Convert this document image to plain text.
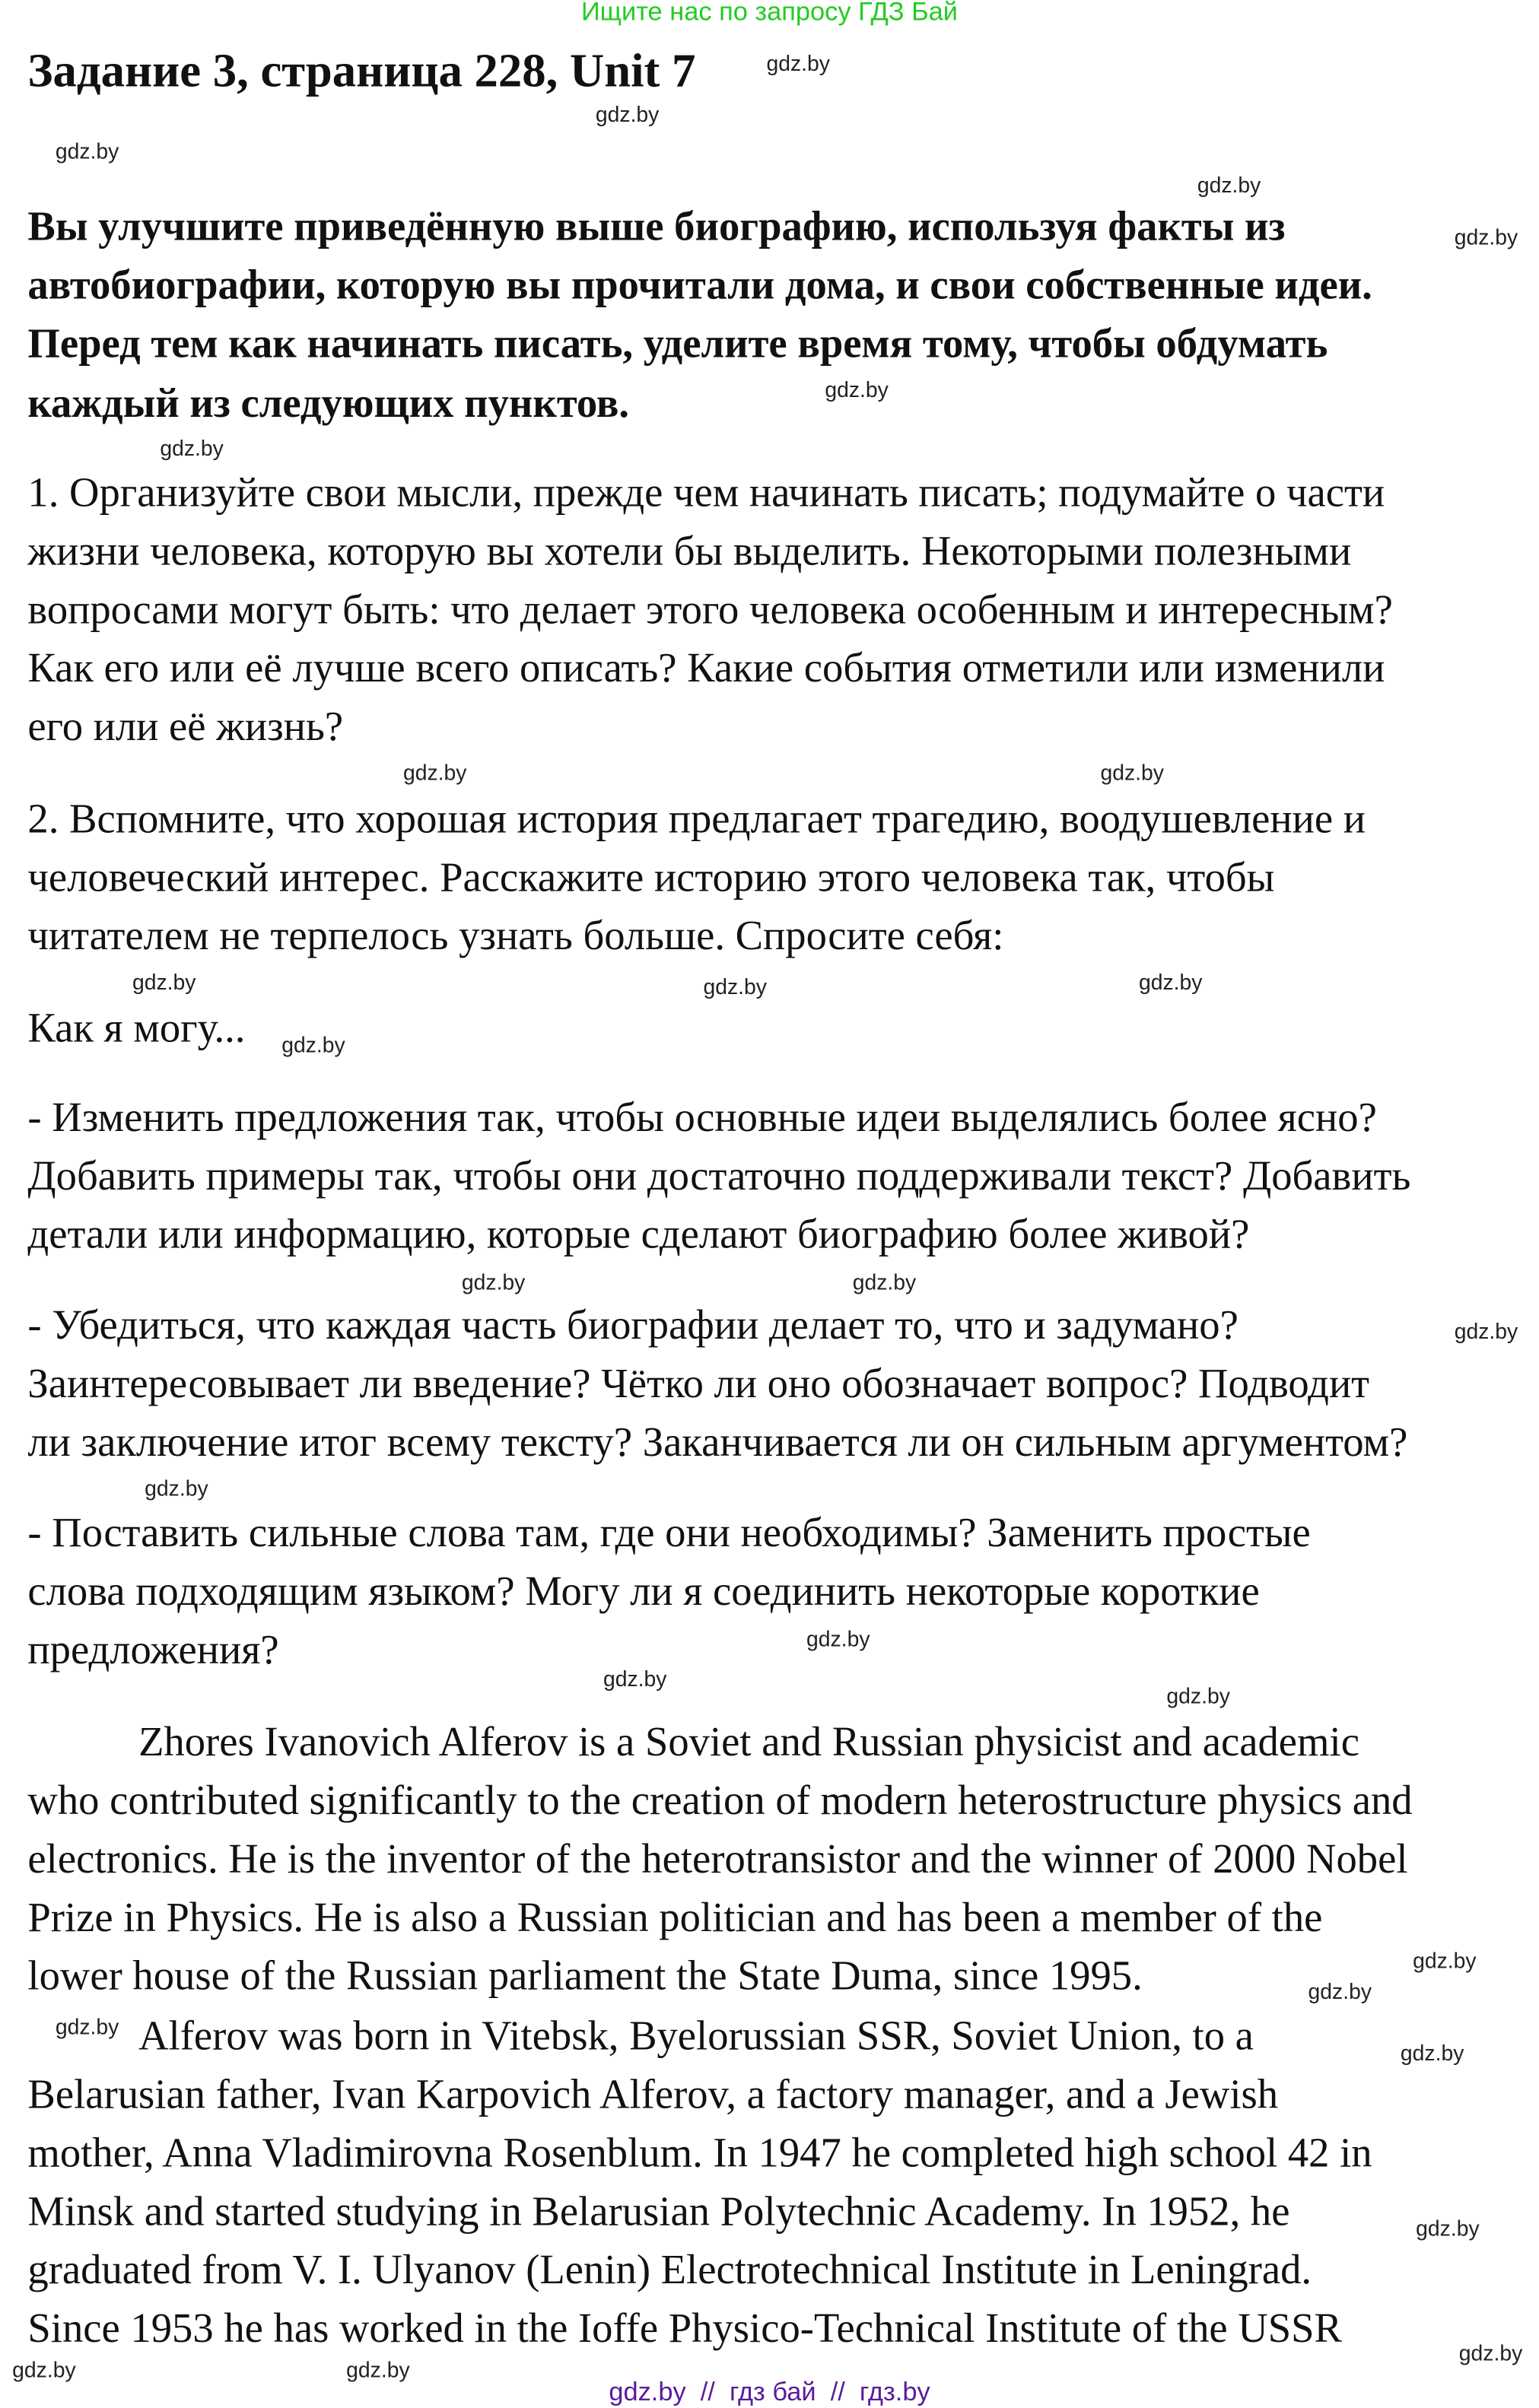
Ищите нас по запросу ГДЗ Бай
Задание 3, страница 228, Unit 7
Вы улучшите приведённую выше биографию, используя факты из
автобиографии, которую вы прочитали дома, и свои собственные идеи.
Перед тем как начинать писать, уделите время тому, чтобы обдумать
каждый из следующих пунктов.
1. Организуйте свои мысли, прежде чем начинать писать; подумайте о части
жизни человека, которую вы хотели бы выделить. Некоторыми полезными
вопросами могут быть: что делает этого человека особенным и интересным?
Как его или её лучше всего описать? Какие события отметили или изменили
его или её жизнь?
2. Вспомните, что хорошая история предлагает трагедию, воодушевление и
человеческий интерес. Расскажите историю этого человека так, чтобы
читателем не терпелось узнать больше. Спросите себя:
Как я могу...
- Изменить предложения так, чтобы основные идеи выделялись более ясно?
Добавить примеры так, чтобы они достаточно поддерживали текст? Добавить
детали или информацию, которые сделают биографию более живой?
- Убедиться, что каждая часть биографии делает то, что и задумано?
Заинтересовывает ли введение? Чётко ли оно обозначает вопрос? Подводит
ли заключение итог всему тексту? Заканчивается ли он сильным аргументом?
- Поставить сильные слова там, где они необходимы? Заменить простые
слова подходящим языком? Могу ли я соединить некоторые короткие
предложения?
Zhores Ivanovich Alferov is a Soviet and Russian physicist and academic
who contributed significantly to the creation of modern heterostructure physics and
electronics. He is the inventor of the heterotransistor and the winner of 2000 Nobel
Prize in Physics. He is also a Russian politician and has been a member of the
lower house of the Russian parliament the State Duma, since 1995.
Alferov was born in Vitebsk, Byelorussian SSR, Soviet Union, to a
Belarusian father, Ivan Karpovich Alferov, a factory manager, and a Jewish
mother, Anna Vladimirovna Rosenblum. In 1947 he completed high school 42 in
Minsk and started studying in Belarusian Polytechnic Academy. In 1952, he
graduated from V. I. Ulyanov (Lenin) Electrotechnical Institute in Leningrad.
Since 1953 he has worked in the Ioffe Physico-Technical Institute of the USSR
gdz.by
gdz.by
gdz.by
gdz.by
gdz.by
gdz.by
gdz.by
gdz.by	gdz.by
gdz.by	gdz.by
gdz.by
gdz.by
gdz.by
gdz.by
gdz.by
gdz.by
gdz.by
gdz.by
gdz.by
gdz.by
gdz.by
gdz.by
gdz.by
gdz.by
gdz.by	gdz.by
gdz.by
gdz.by  //  гдз бай  //  гдз.by
